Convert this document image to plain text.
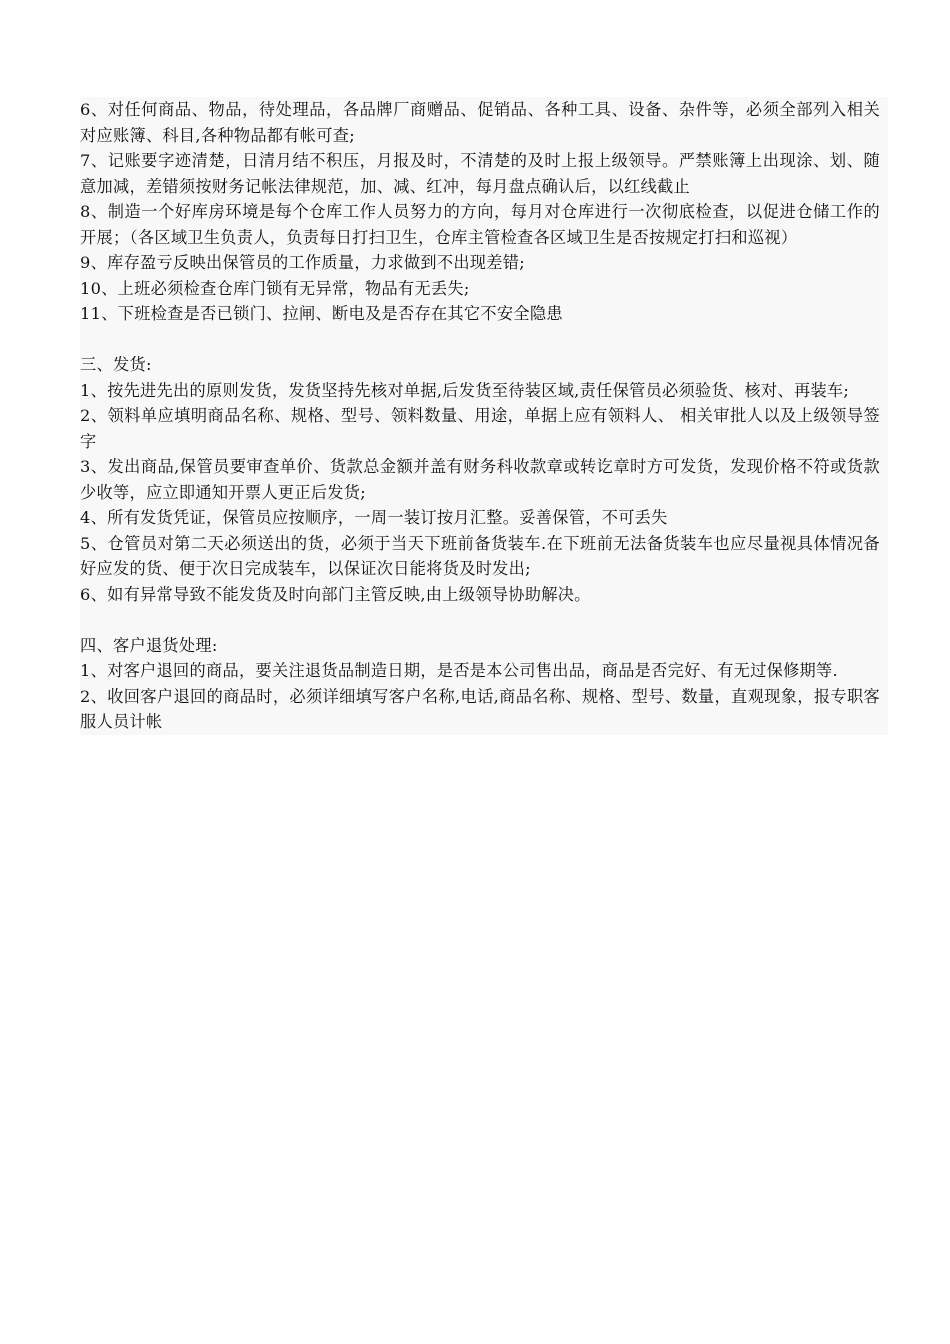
6、对任何商品、物品，待处理品，各品牌厂商赠品、促销品、各种工具、设备、杂件等，必须全部列入相关对应账簿、科目,各种物品都有帐可查;

7、记账要字迹清楚，日清月结不积压，月报及时，不清楚的及时上报上级领导。严禁账簿上出现涂、划、随意加减，差错须按财务记帐法律规范，加、减、红冲，每月盘点确认后，以红线截止

8、制造一个好库房环境是每个仓库工作人员努力的方向，每月对仓库进行一次彻底检查，以促进仓储工作的开展；（各区域卫生负责人，负责每日打扫卫生，仓库主管检查各区域卫生是否按规定打扫和巡视）

9、库存盈亏反映出保管员的工作质量，力求做到不出现差错;

10、上班必须检查仓库门锁有无异常，物品有无丢失;

11、下班检查是否已锁门、拉闸、断电及是否存在其它不安全隐患

三、发货:

1、按先进先出的原则发货，发货坚持先核对单据,后发货至待装区域,责任保管员必须验货、核对、再装车;

2、领料单应填明商品名称、规格、型号、领料数量、用途，单据上应有领料人、 相关审批人以及上级领导签字

3、发出商品,保管员要审查单价、货款总金额并盖有财务科收款章或转讫章时方可发货，发现价格不符或货款少收等，应立即通知开票人更正后发货;

4、所有发货凭证，保管员应按顺序，一周一装订按月汇整。妥善保管，不可丢失

5、仓管员对第二天必须送出的货，必须于当天下班前备货装车.在下班前无法备货装车也应尽量视具体情况备好应发的货、便于次日完成装车，以保证次日能将货及时发出;

6、如有异常导致不能发货及时向部门主管反映,由上级领导协助解决。

四、客户退货处理:

1、对客户退回的商品，要关注退货品制造日期，是否是本公司售出品，商品是否完好、有无过保修期等.

2、收回客户退回的商品时，必须详细填写客户名称,电话,商品名称、规格、型号、数量，直观现象，报专职客服人员计帐
